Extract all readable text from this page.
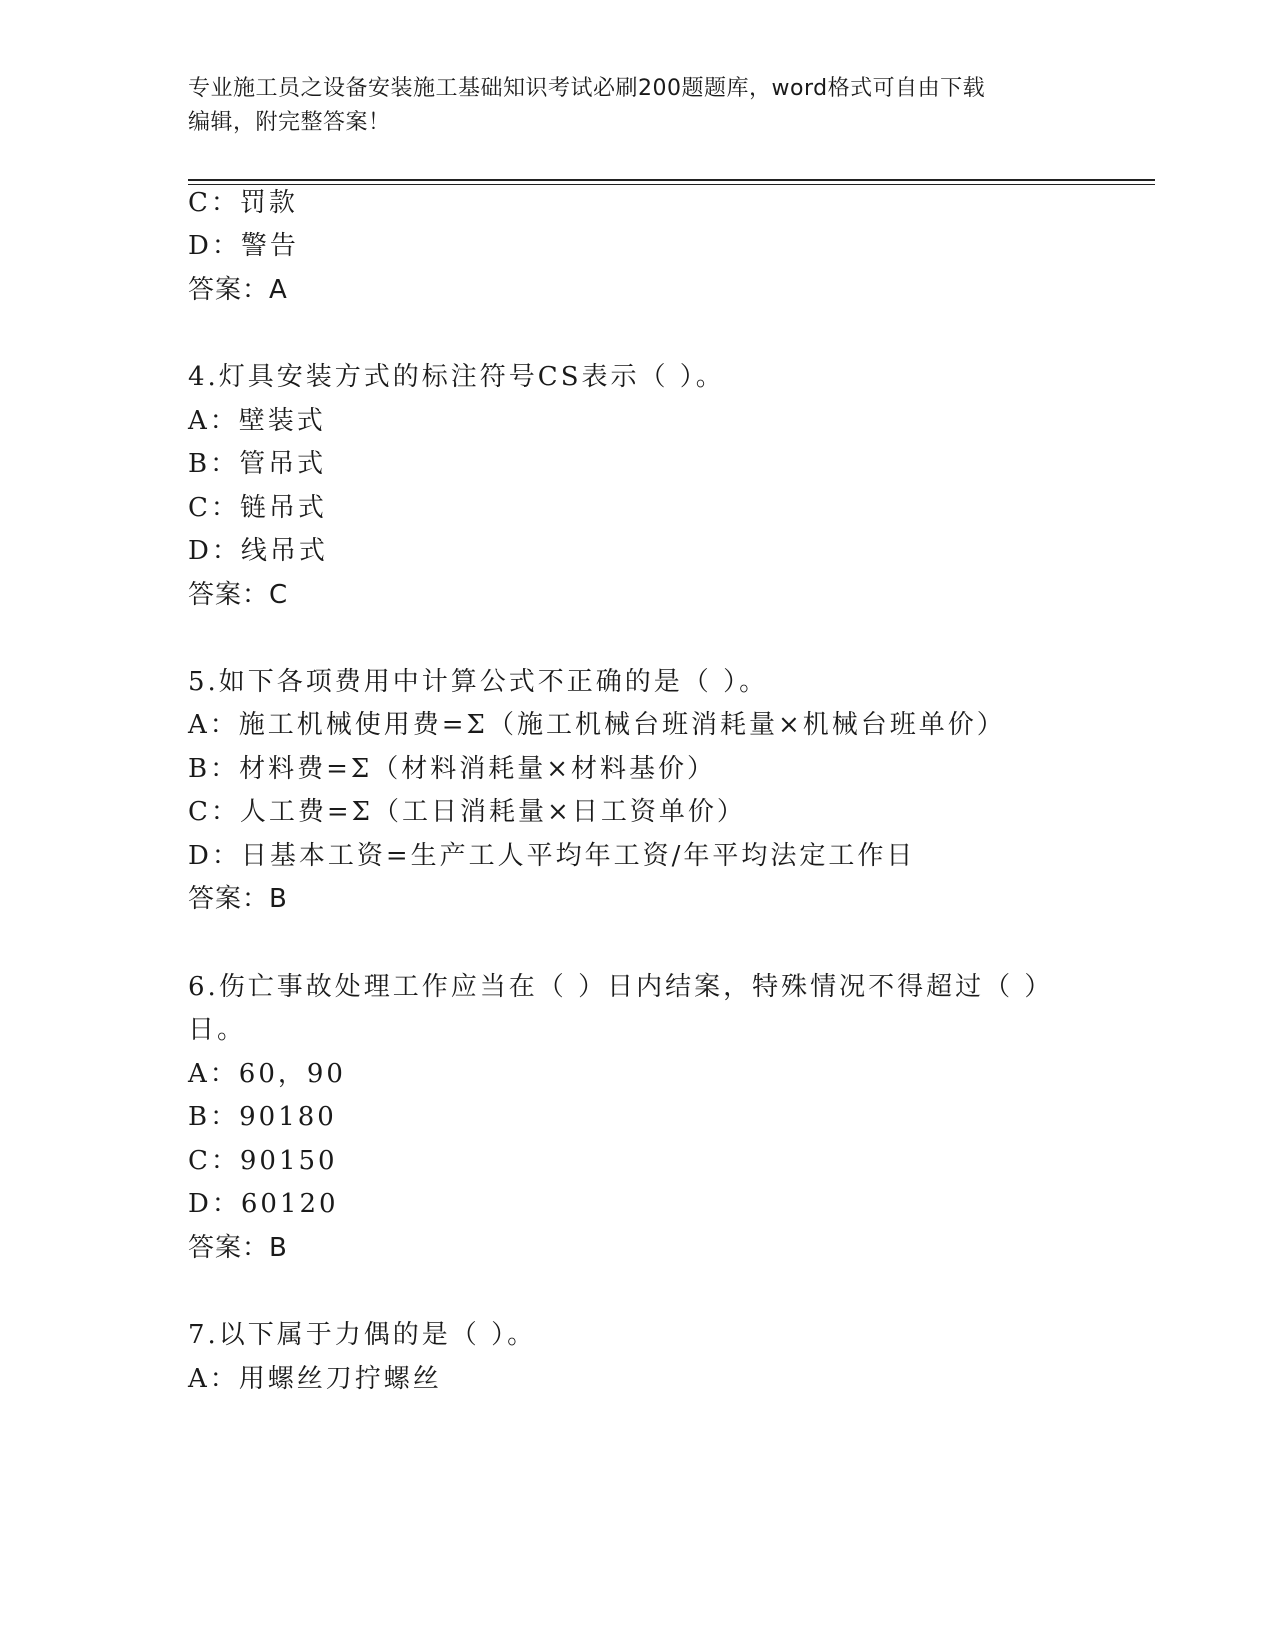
专业施工员之设备安装施工基础知识考试必刷200题题库，word格式可自由下载
编辑，附完整答案！
C：罚款
D：警告
答案：A
4.灯具安装方式的标注符号CS表示（ ）。
A：壁装式
B：管吊式
C：链吊式
D：线吊式
答案：C
5.如下各项费用中计算公式不正确的是（ ）。
A：施工机械使用费=Σ（施工机械台班消耗量×机械台班单价）
B：材料费=Σ（材料消耗量×材料基价）
C：人工费=Σ（工日消耗量×日工资单价）
D：日基本工资=生产工人平均年工资/年平均法定工作日
答案：B
6.伤亡事故处理工作应当在（ ）日内结案，特殊情况不得超过（ ）
日。
A：60，90
B：90180
C：90150
D：60120
答案：B
7.以下属于力偶的是（ ）。
A：用螺丝刀拧螺丝
